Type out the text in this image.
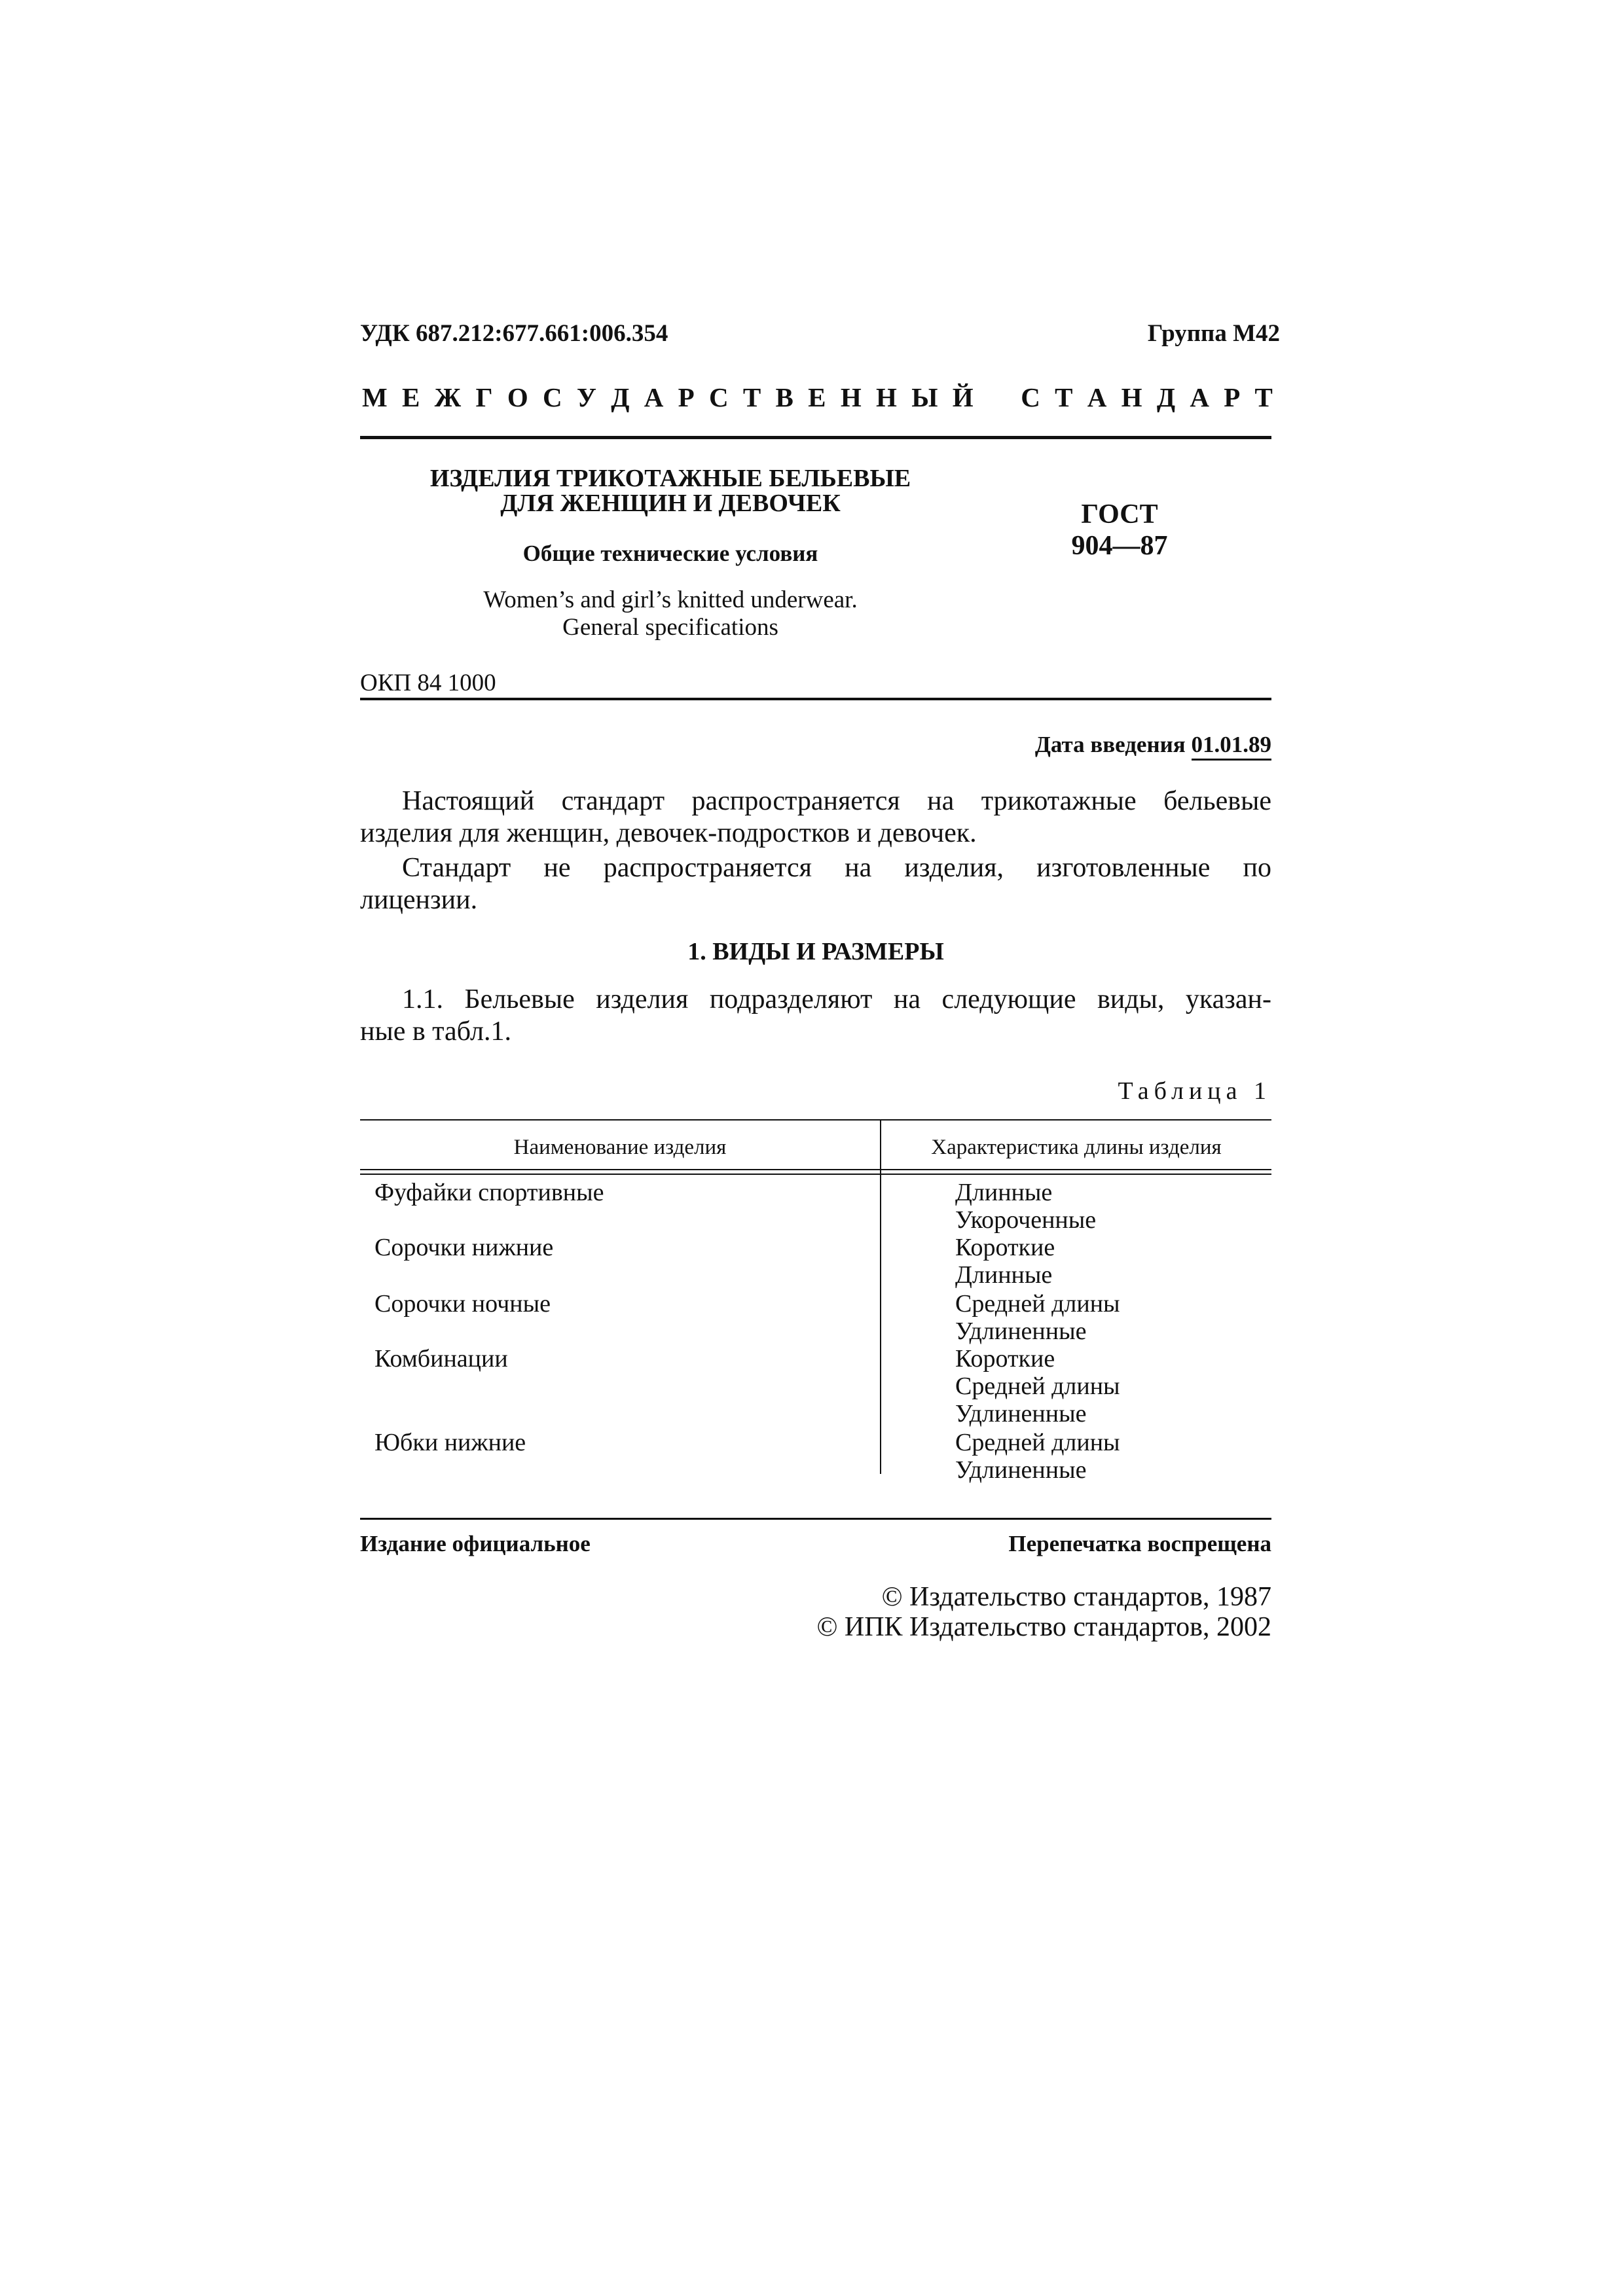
УДК 687.212:677.661:006.354	Группа М42
М Е Ж Г О С У Д А Р С Т В Е Н Н Ы Й С Т А Н Д А Р Т
ИЗДЕЛИЯ ТРИКОТАЖНЫЕ БЕЛЬЕВЫЕ
ДЛЯ ЖЕНЩИН И ДЕВОЧЕК
Общие технические условия
Women’s and girl’s knitted underwear.
General specifications
ГОСТ
904—87
ОКП 84 1000
Дата введения 01.01.89
Настоящий стандарт распространяется на трикотажные бельевые
изделия для женщин, девочек-подростков и девочек.
Стандарт не распространяется на изделия, изготовленные по
лицензии.
1. ВИДЫ И РАЗМЕРЫ
1.1. Бельевые изделия подразделяют на следующие виды, указан-
ные в табл.1.
Таблица 1
Наименование изделия	Характеристика длины изделия
Фуфайки спортивные	Длинные
Укороченные
Сорочки нижние	Короткие
Длинные
Сорочки ночные	Средней длины
Удлиненные
Комбинации	Короткие
Средней длины
Удлиненные
Юбки нижние	Средней длины
Удлиненные
Издание официальное	Перепечатка воспрещена
© Издательство стандартов, 1987
© ИПК Издательство стандартов, 2002
